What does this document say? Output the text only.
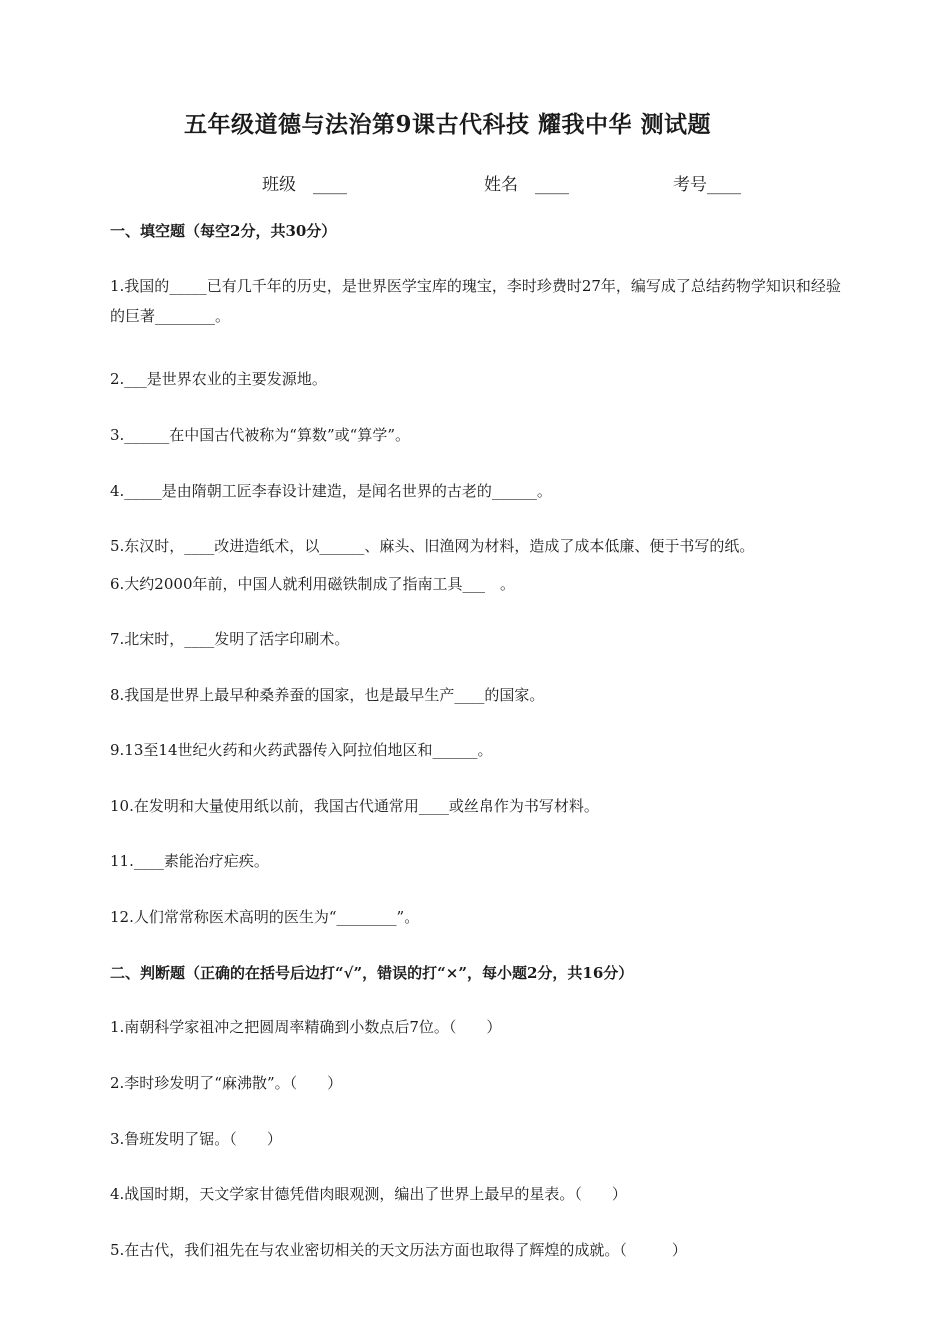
五年级道德与法治第9课古代科技 耀我中华 测试题
班级　____	姓名　____	考号____
一、填空题（每空2分，共30分）
1.我国的_____已有几千年的历史，是世界医学宝库的瑰宝，李时珍费时27年，编写成了总结药物学知识和经验的巨著________。
2.___是世界农业的主要发源地。
3.______在中国古代被称为“算数”或“算学”。
4._____是由隋朝工匠李春设计建造，是闻名世界的古老的______。
5.东汉时，____改进造纸术，以______、麻头、旧渔网为材料，造成了成本低廉、便于书写的纸。
6.大约2000年前，中国人就利用磁铁制成了指南工具___　。
7.北宋时，____发明了活字印刷术。
8.我国是世界上最早种桑养蚕的国家，也是最早生产____的国家。
9.13至14世纪火药和火药武器传入阿拉伯地区和______。
10.在发明和大量使用纸以前，我国古代通常用____或丝帛作为书写材料。
11.____素能治疗疟疾。
12.人们常常称医术高明的医生为“________”。
二、判断题（正确的在括号后边打“√”，错误的打“×”，每小题2分，共16分）
1.南朝科学家祖冲之把圆周率精确到小数点后7位。（　　）
2.李时珍发明了“麻沸散”。（　　）
3.鲁班发明了锯。（　　）
4.战国时期，天文学家甘德凭借肉眼观测，编出了世界上最早的星表。（　　）
5.在古代，我们祖先在与农业密切相关的天文历法方面也取得了辉煌的成就。（　　　）
